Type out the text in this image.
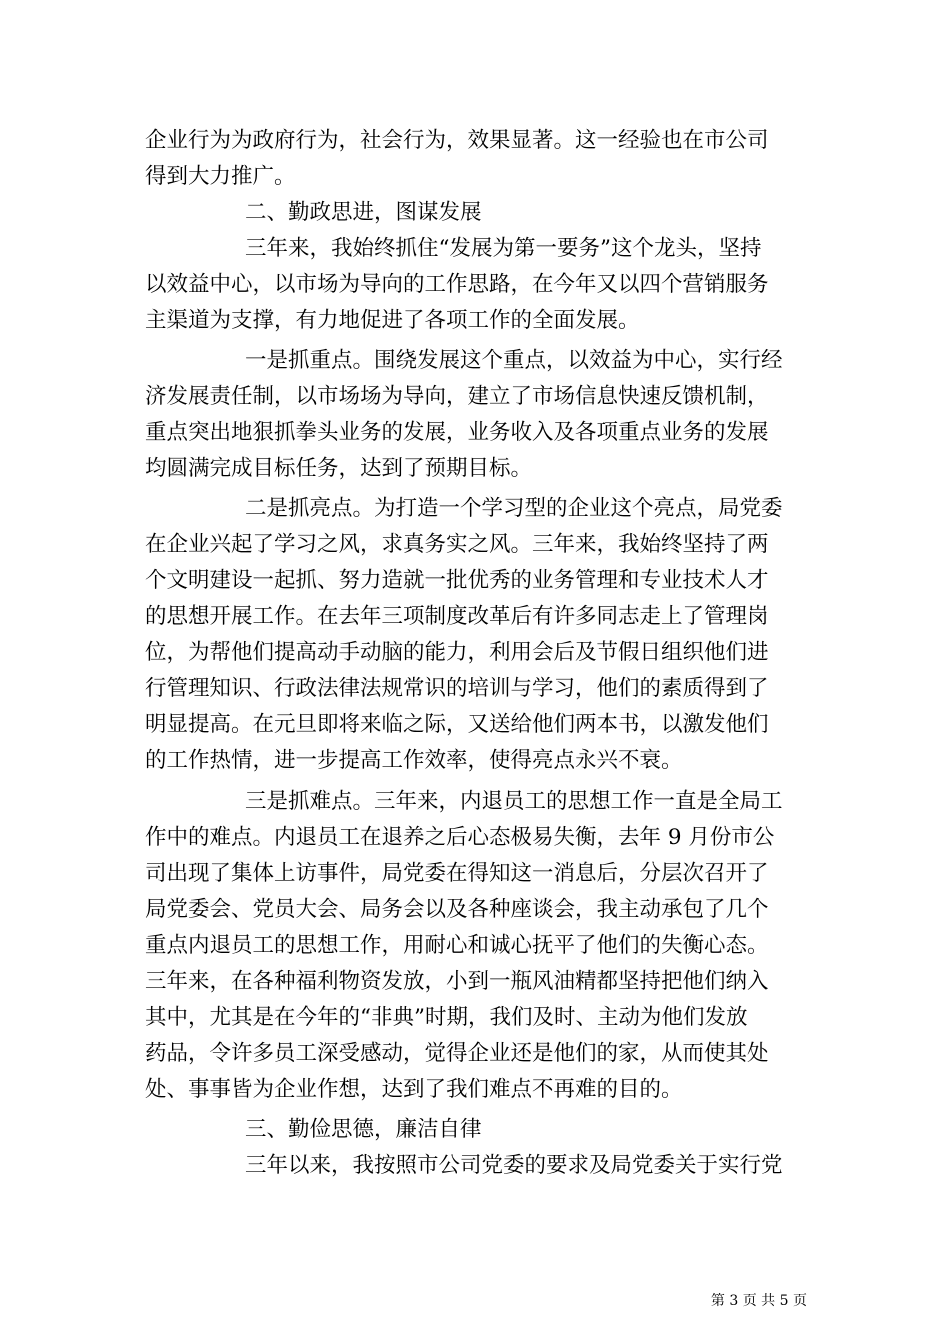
企业行为为政府行为，社会行为，效果显著。这一经验也在市公司
得到大力推广。
二、勤政思进，图谋发展
三年来，我始终抓住“发展为第一要务”这个龙头，坚持
以效益中心，以市场为导向的工作思路，在今年又以四个营销服务
主渠道为支撑，有力地促进了各项工作的全面发展。
一是抓重点。围绕发展这个重点，以效益为中心，实行经
济发展责任制，以市场场为导向，建立了市场信息快速反馈机制，
重点突出地狠抓拳头业务的发展，业务收入及各项重点业务的发展
均圆满完成目标任务，达到了预期目标。
二是抓亮点。为打造一个学习型的企业这个亮点，局党委
在企业兴起了学习之风，求真务实之风。三年来，我始终坚持了两
个文明建设一起抓、努力造就一批优秀的业务管理和专业技术人才
的思想开展工作。在去年三项制度改革后有许多同志走上了管理岗
位，为帮他们提高动手动脑的能力，利用会后及节假日组织他们进
行管理知识、行政法律法规常识的培训与学习，他们的素质得到了
明显提高。在元旦即将来临之际，又送给他们两本书，以激发他们
的工作热情，进一步提高工作效率，使得亮点永兴不衰。
三是抓难点。三年来，内退员工的思想工作一直是全局工
作中的难点。内退员工在退养之后心态极易失衡，去年 9 月份市公
司出现了集体上访事件，局党委在得知这一消息后，分层次召开了
局党委会、党员大会、局务会以及各种座谈会，我主动承包了几个
重点内退员工的思想工作，用耐心和诚心抚平了他们的失衡心态。
三年来，在各种福利物资发放，小到一瓶风油精都坚持把他们纳入
其中，尤其是在今年的“非典”时期，我们及时、主动为他们发放
药品，令许多员工深受感动，觉得企业还是他们的家，从而使其处
处、事事皆为企业作想，达到了我们难点不再难的目的。
三、勤俭思德，廉洁自律
三年以来，我按照市公司党委的要求及局党委关于实行党
第 3 页 共 5 页
